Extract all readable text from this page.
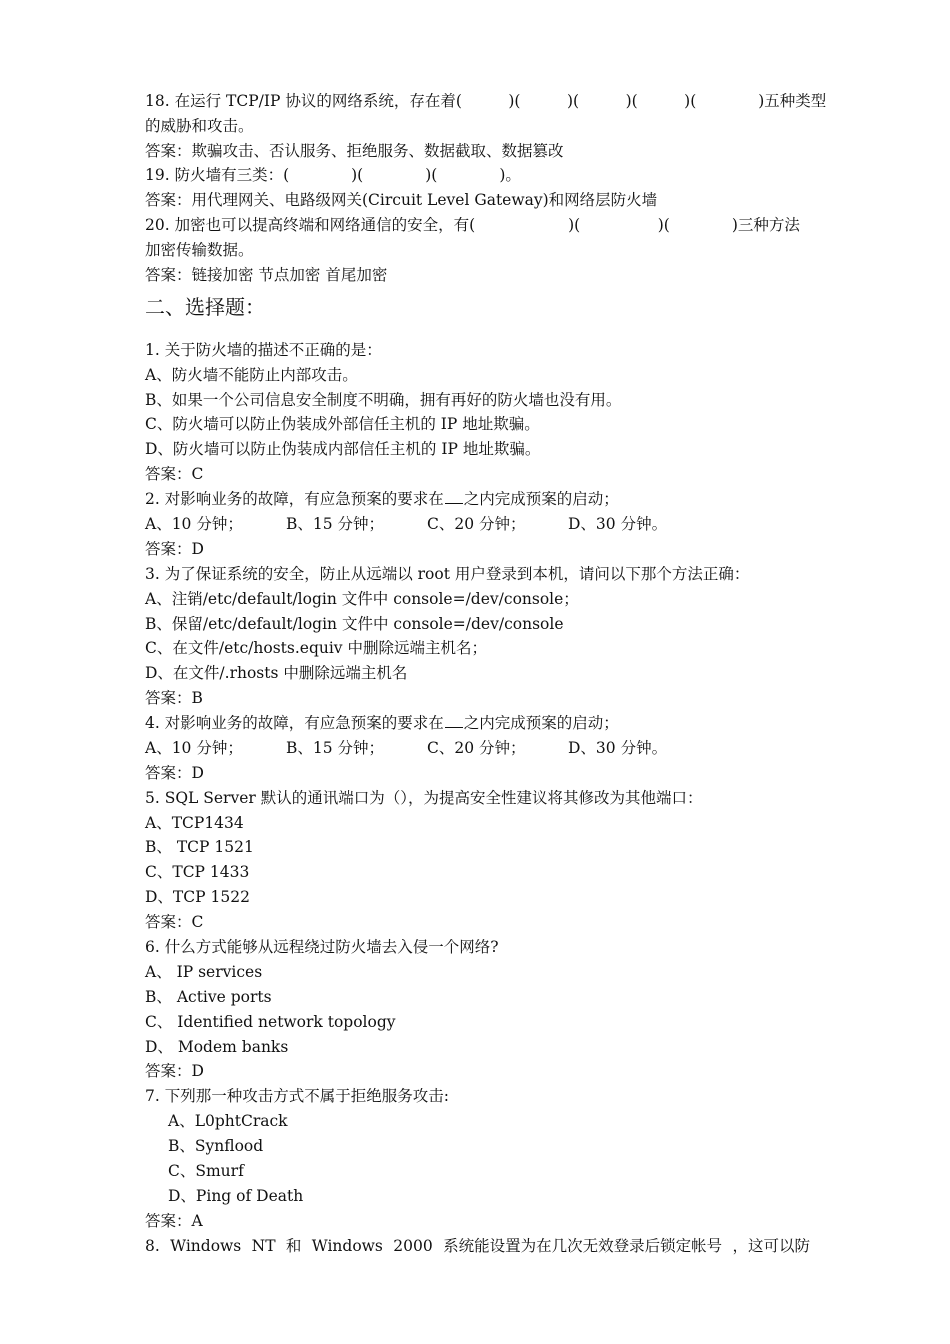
18. 在运行 TCP/IP 协议的网络系统，存在着(　　　)(　　　)(　　　)(　　　)(　　　　)五种类型
的威胁和攻击。
答案：欺骗攻击、否认服务、拒绝服务、数据截取、数据篡改
19. 防火墙有三类：(　　　　)(　　　　)(　　　　)。
答案：用代理网关、电路级网关(Circuit Level Gateway)和网络层防火墙
20. 加密也可以提高终端和网络通信的安全，有(　　　　　　)(　　　　　)(　　　　)三种方法
加密传输数据。
答案：链接加密 节点加密 首尾加密
二、选择题：
1. 关于防火墙的描述不正确的是：
A、防火墙不能防止内部攻击。
B、如果一个公司信息安全制度不明确，拥有再好的防火墙也没有用。
C、防火墙可以防止伪装成外部信任主机的 IP 地址欺骗。
D、防火墙可以防止伪装成内部信任主机的 IP 地址欺骗。
答案：C
2. 对影响业务的故障，有应急预案的要求在 之内完成预案的启动；
A、10 分钟；	B、15 分钟；	C、20 分钟；	D、30 分钟。
答案：D
3. 为了保证系统的安全，防止从远端以 root 用户登录到本机，请问以下那个方法正确：
A、注销/etc/default/login 文件中 console=/dev/console；
B、保留/etc/default/login 文件中 console=/dev/console
C、在文件/etc/hosts.equiv 中删除远端主机名；
D、在文件/.rhosts 中删除远端主机名
答案：B
4. 对影响业务的故障，有应急预案的要求在 之内完成预案的启动；
A、10 分钟；	B、15 分钟；	C、20 分钟；	D、30 分钟。
答案：D
5. SQL Server 默认的通讯端口为（），为提高安全性建议将其修改为其他端口：
A、TCP1434
B、 TCP 1521
C、TCP 1433
D、TCP 1522
答案：C
6. 什么方式能够从远程绕过防火墙去入侵一个网络?
A、 IP services
B、 Active ports
C、 Identified network topology
D、 Modem banks
答案：D
7. 下列那一种攻击方式不属于拒绝服务攻击:
A、L0phtCrack
B、Synflood
C、Smurf
D、Ping of Death
答案：A
8. Windows NT 和 Windows 2000 系统能设置为在几次无效登录后锁定帐号 ，这可以防
